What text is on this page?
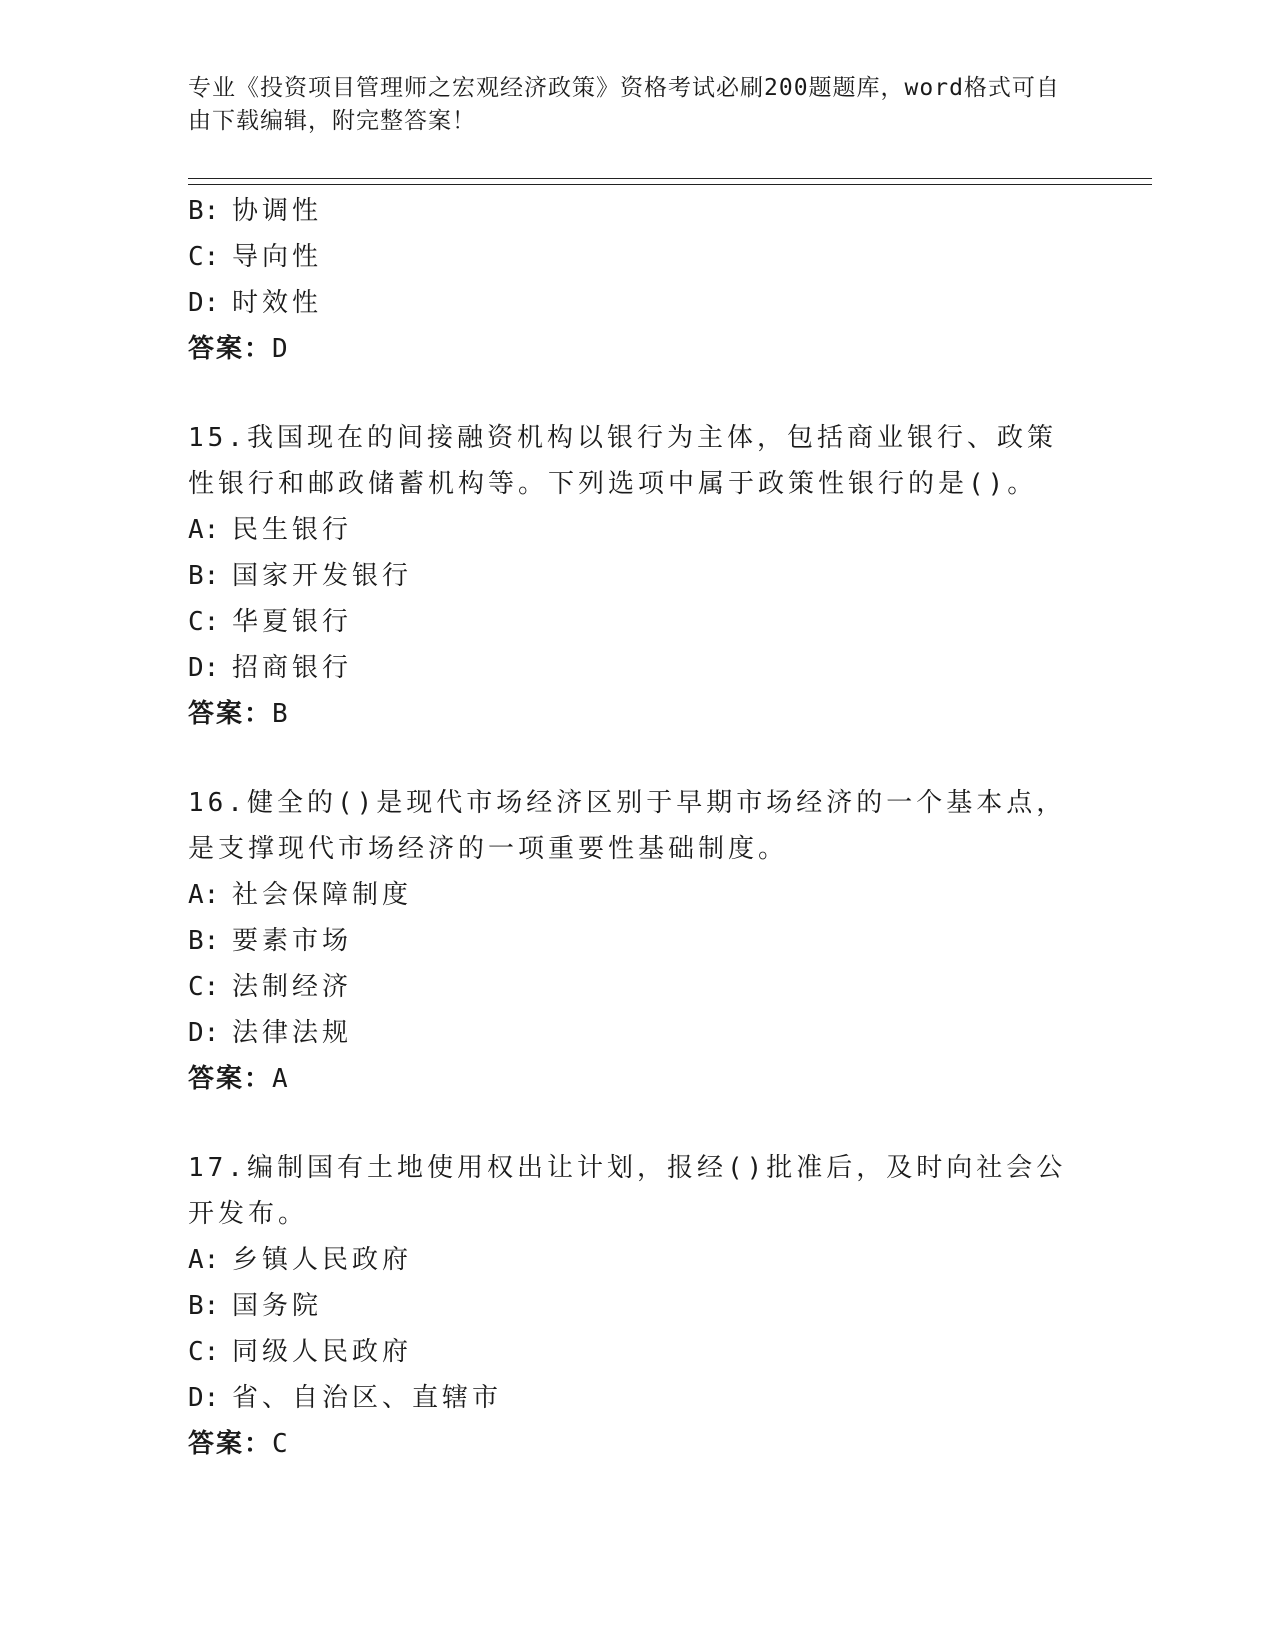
专业《投资项目管理师之宏观经济政策》资格考试必刷200题题库，word格式可自由下载编辑，附完整答案！
B: 协调性
C: 导向性
D: 时效性
答案：D
15.我国现在的间接融资机构以银行为主体，包括商业银行、政策性银行和邮政储蓄机构等。下列选项中属于政策性银行的是()。
A: 民生银行
B: 国家开发银行
C: 华夏银行
D: 招商银行
答案：B
16.健全的()是现代市场经济区别于早期市场经济的一个基本点，是支撑现代市场经济的一项重要性基础制度。
A: 社会保障制度
B: 要素市场
C: 法制经济
D: 法律法规
答案：A
17.编制国有土地使用权出让计划，报经()批准后，及时向社会公开发布。
A: 乡镇人民政府
B: 国务院
C: 同级人民政府
D: 省、自治区、直辖市
答案：C
